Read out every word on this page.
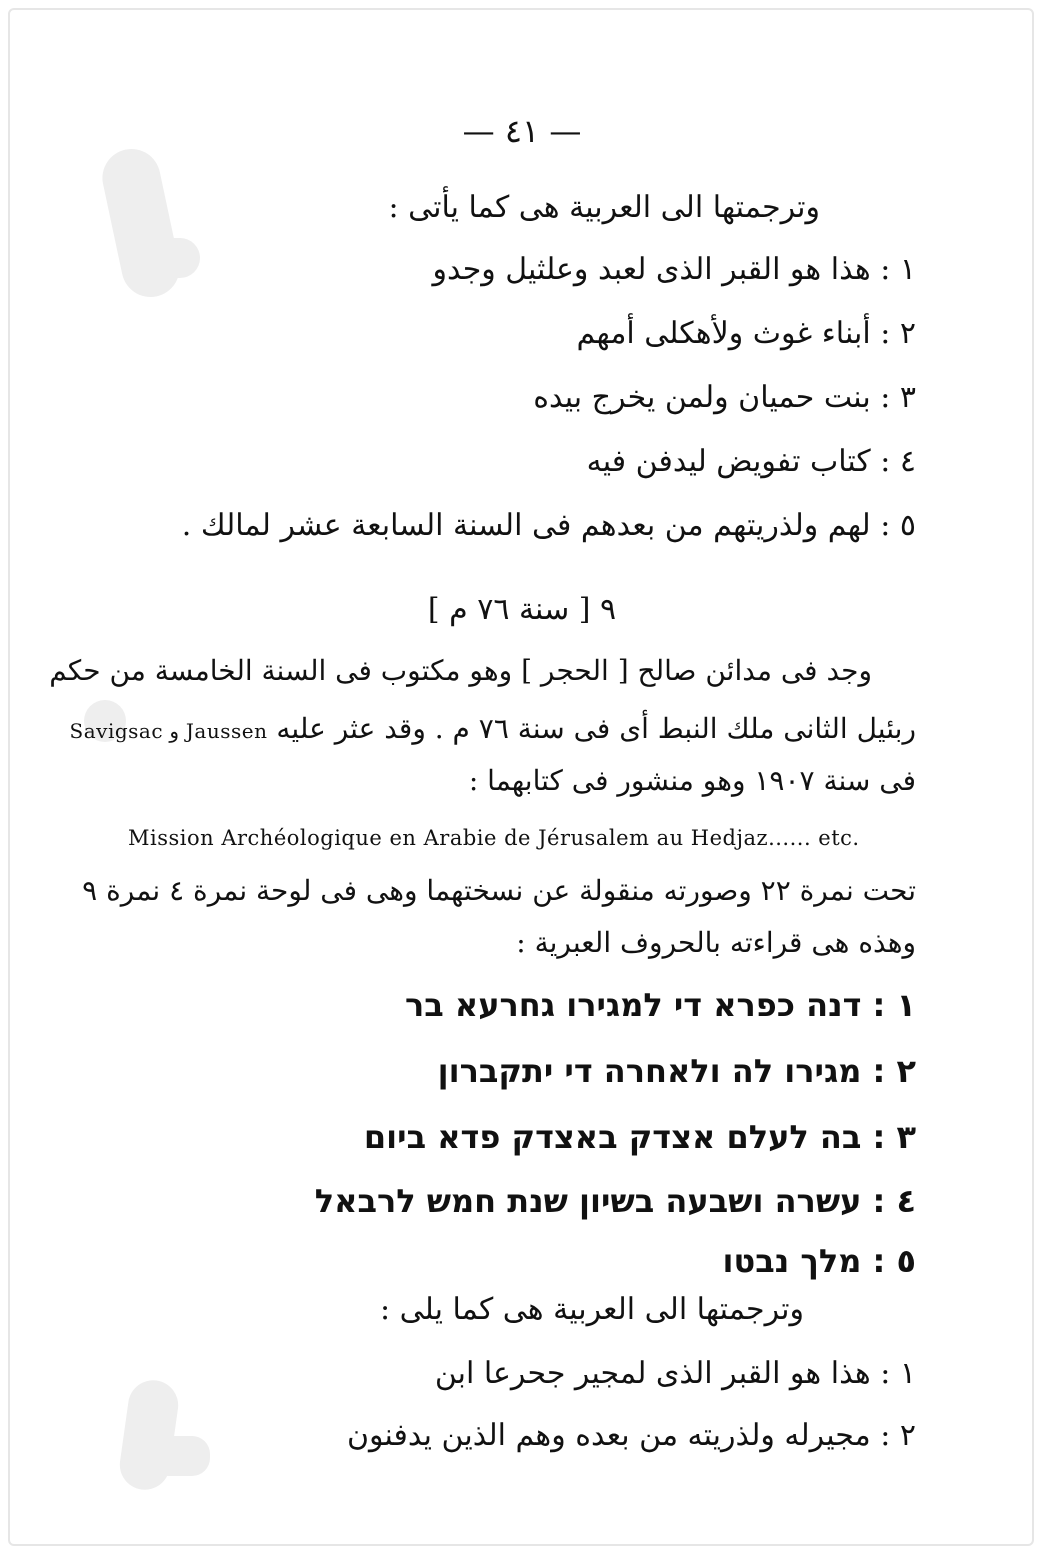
— ٤١ —
وترجمتها الى العربية هى كما يأتى :
١ : هذا هو القبر الذى لعبد وعلثيل وجدو
٢ : أبناء غوث ولأهكلى أمهم
٣ : بنت حميان ولمن يخرج بيده
٤ : كتاب تفويض ليدفن فيه
٥ : لهم ولذريتهم من بعدهم فى السنة السابعة عشر لمالك .
٩ [ سنة ٧٦ م ]
وجد فى مدائن صالح [ الحجر ] وهو مكتوب فى السنة الخامسة من حكم
ربئيل الثانى ملك النبط أى فى سنة ٧٦ م . وقد عثر عليه Jaussen و Savigsac
فى سنة ١٩٠٧ وهو منشور فى كتابهما :
Mission Archéologique en Arabie de Jérusalem au Hedjaz...... etc.
تحت نمرة ٢٢ وصورته منقولة عن نسختهما وهى فى لوحة نمرة ٤ نمرة ٩
وهذه هى قراءته بالحروف العبرية :
١ : דנה כפרא די למגירו גחרעא בר
٢ : מגירו לה ולאחרה די יתקברון
٣ : בה לעלם אצדק באצדק פדא ביום
٤ : עשרה ושבעה בשיון שנת חמש לרבאל
٥ : מלך נבטו
وترجمتها الى العربية هى كما يلى :
١ : هذا هو القبر الذى لمجير جحرعا ابن
٢ : مجيرله ولذريته من بعده وهم الذين يدفنون
